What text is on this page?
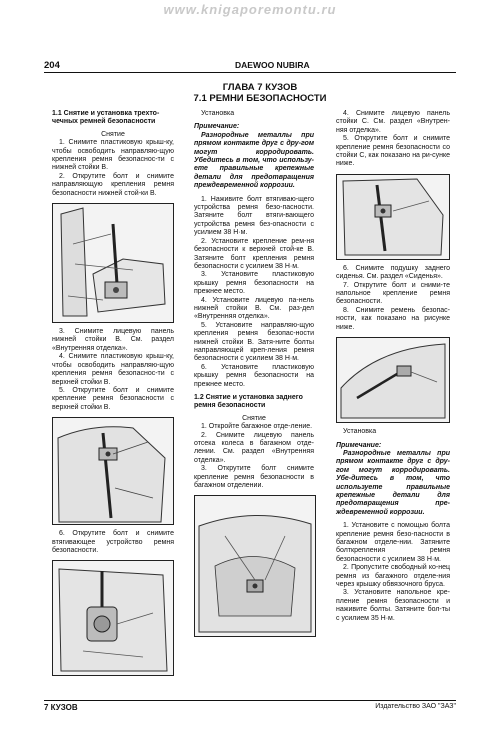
www.knigaporemontu.ru
204	DAEWOO NUBIRA
ГЛАВА 7 КУЗОВ
7.1 РЕМНИ БЕЗОПАСНОСТИ
1.1 Снятие и установка трехто-чечных ремней безопасности

Снятие

1. Снимите пластиковую крыш-ку, чтобы освободить направляю-щую крепления ремня безопаснос-ти с нижней стойки В.

2. Открутите болт и снимите направляющую крепления ремня безопасности нижней стой-ки В.

3. Снимите лицевую панель нижней стойки В. См. раздел «Внутренняя отделка».

4. Снимите пластиковую крыш-ку, чтобы освободить направляю-щую крепления ремня безопаснос-ти с верхней стойки В.

5. Открутите болт и снимите крепление ремня безопасности с верхней стойки В.

6. Открутите болт и снимите втягивающее устройство ремня безопасности.

Установка

Примечание:

Разнородные металлы при прямом контакте друг с дру-гом могут корродировать. Убедитесь в том, что использу-ете правильные крепежные детали для предотвращения преждевременной коррозии.

1. Наживите болт втягиваю-щего устройства ремня безо-пасности. Затяните болт втяги-вающего устройства ремня без-опасности с усилием 38 Н·м.

2. Установите крепление рем-ня безопасности к верхней стой-ке В. Затяните болт крепления ремня безопасности с усилием 38 Н·м.

3. Установите пластиковую крышку ремня безопасности на прежнее место.

4. Установите лицевую па-нель нижней стойки В. См. раз-дел «Внутренняя отделка».

5. Установите направляю-щую крепления ремня безопас-ности нижней стойки В. Затя-ните болты направляющей креп-ления ремня безопасности с усилием 38 Н·м.

6. Установите пластиковую крышку ремня безопасности на прежнее место.

1.2 Снятие и установка заднего ремня безопасности

Снятие

1. Откройте багажное отде-ление.

2. Снимите лицевую панель отсека колеса в багажном отде-лении. См. раздел «Внутренняя отделка».

3. Открутите болт снимите крепление ремня безопасности в багажном отделении.

4. Снимите лицевую панель стойки С. См. раздел «Внутрен-няя отделка».

5. Открутите болт и снимите крепление ремня безопасности со стойки С, как показано на ри-сунке ниже.

6. Снимите подушку заднего сиденья. См. раздел «Сиденья».

7. Открутите болт и сними-те напольное крепление ремня безопасности.

8. Снимите ремень безопас-ности, как показано на рисунке ниже.

Установка

Примечание:

Разнородные металлы при прямом контакте друг с дру-гом могут корродировать. Убе-дитесь в том, что используете правильные крепежные детали для предотвращения пре-ждевременной коррозии.

1. Установите с помощью болта крепление ремня безо-пасности в багажном отделе-нии. Затяните болткрепления ремня безопасности с усилием 38 Н·м.

2. Пропустите свободный ко-нец ремня из багажного отделе-ния через крышку обвязочного бруса.

3. Установите напольное кре-пление ремня безопасности и наживите болты. Затяните бол-ты с усилием 35 Н·м.

7 КУЗОВ	Издательство ЗАО "ЗАЗ"
